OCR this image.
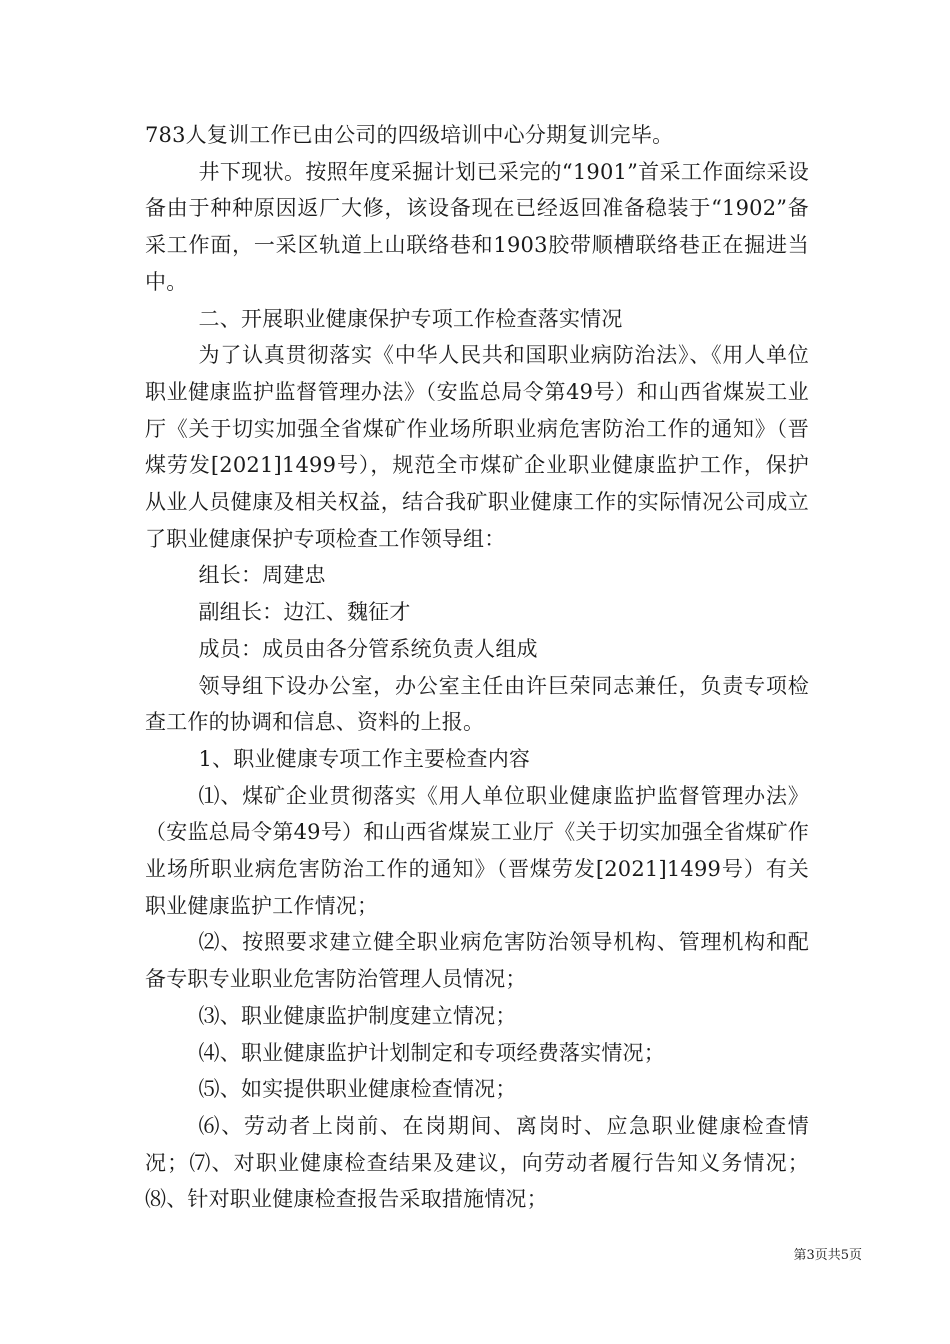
783人复训工作已由公司的四级培训中心分期复训完毕。

井下现状。按照年度采掘计划已采完的“1901”首采工作面综采设备由于种种原因返厂大修，该设备现在已经返回准备稳装于“1902”备采工作面，一采区轨道上山联络巷和1903胶带顺槽联络巷正在掘进当中。

二、开展职业健康保护专项工作检查落实情况

为了认真贯彻落实《中华人民共和国职业病防治法》、《用人单位职业健康监护监督管理办法》（安监总局令第49号）和山西省煤炭工业厅《关于切实加强全省煤矿作业场所职业病危害防治工作的通知》（晋煤劳发[2021]1499号），规范全市煤矿企业职业健康监护工作，保护从业人员健康及相关权益，结合我矿职业健康工作的实际情况公司成立了职业健康保护专项检查工作领导组：

组长：周建忠

副组长：边江、魏征才

成员：成员由各分管系统负责人组成

领导组下设办公室，办公室主任由许巨荣同志兼任，负责专项检查工作的协调和信息、资料的上报。

1、职业健康专项工作主要检查内容

⑴、煤矿企业贯彻落实《用人单位职业健康监护监督管理办法》（安监总局令第49号）和山西省煤炭工业厅《关于切实加强全省煤矿作业场所职业病危害防治工作的通知》（晋煤劳发[2021]1499号）有关职业健康监护工作情况；

⑵、按照要求建立健全职业病危害防治领导机构、管理机构和配备专职专业职业危害防治管理人员情况；

⑶、职业健康监护制度建立情况；

⑷、职业健康监护计划制定和专项经费落实情况；

⑸、如实提供职业健康检查情况；

⑹、劳动者上岗前、在岗期间、离岗时、应急职业健康检查情况；⑺、对职业健康检查结果及建议，向劳动者履行告知义务情况；⑻、针对职业健康检查报告采取措施情况；

第3页共5页
